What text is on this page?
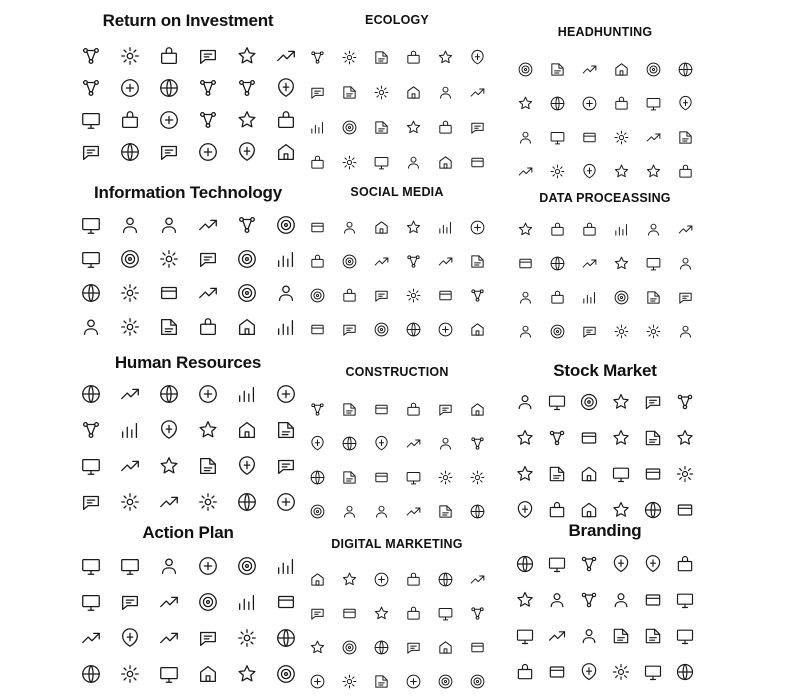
Return on Investment	ECOLOGY
HEADHUNTING
Information Technology	SOCIAL MEDIA	DATA PROCEASSING
Human Resources	CONSTRUCTION	Stock Market
Action Plan
DIGITAL MARKETING
Branding
